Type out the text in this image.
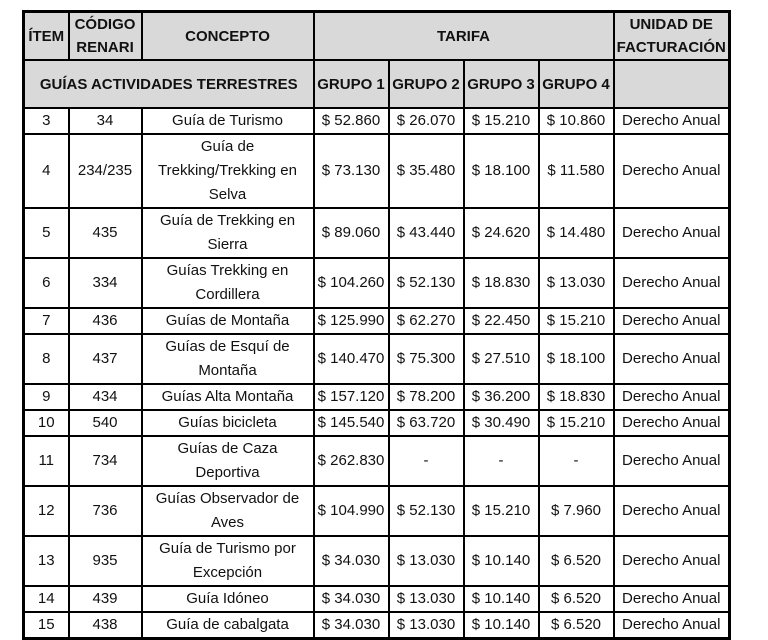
ÍTEM	CÓDIGO RENARI	CONCEPTO	TARIFA				UNIDAD DE FACTURACIÓN
GUÍAS ACTIVIDADES TERRESTRES			GRUPO 1	GRUPO 2	GRUPO 3	GRUPO 4	
3	34	Guía de Turismo	$ 52.860	$ 26.070	$ 15.210	$ 10.860	Derecho Anual
4	234/235	Guía de Trekking/Trekking en Selva	$ 73.130	$ 35.480	$ 18.100	$ 11.580	Derecho Anual
5	435	Guía de Trekking en Sierra	$ 89.060	$ 43.440	$ 24.620	$ 14.480	Derecho Anual
6	334	Guías Trekking en Cordillera	$ 104.260	$ 52.130	$ 18.830	$ 13.030	Derecho Anual
7	436	Guías de Montaña	$ 125.990	$ 62.270	$ 22.450	$ 15.210	Derecho Anual
8	437	Guías de Esquí de Montaña	$ 140.470	$ 75.300	$ 27.510	$ 18.100	Derecho Anual
9	434	Guías Alta Montaña	$ 157.120	$ 78.200	$ 36.200	$ 18.830	Derecho Anual
10	540	Guías bicicleta	$ 145.540	$ 63.720	$ 30.490	$ 15.210	Derecho Anual
11	734	Guías de Caza Deportiva	$ 262.830	-	-	-	Derecho Anual
12	736	Guías Observador de Aves	$ 104.990	$ 52.130	$ 15.210	$ 7.960	Derecho Anual
13	935	Guía de Turismo por Excepción	$ 34.030	$ 13.030	$ 10.140	$ 6.520	Derecho Anual
14	439	Guía Idóneo	$ 34.030	$ 13.030	$ 10.140	$ 6.520	Derecho Anual
15	438	Guía de cabalgata	$ 34.030	$ 13.030	$ 10.140	$ 6.520	Derecho Anual
